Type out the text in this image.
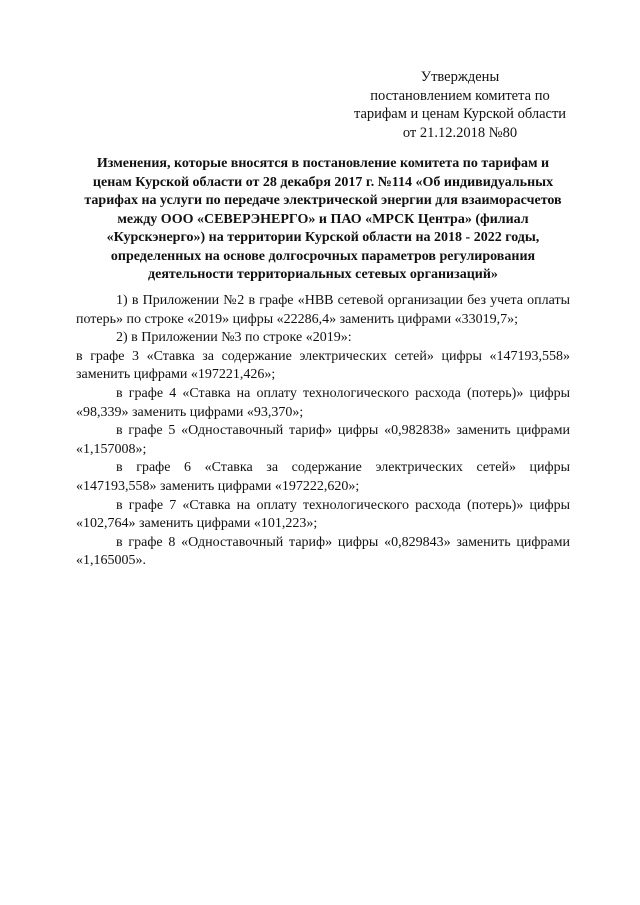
Утверждены
постановлением комитета по
тарифам и ценам Курской области
от 21.12.2018 №80
Изменения, которые вносятся в постановление комитета по тарифам и ценам Курской области от 28 декабря 2017 г. №114 «Об индивидуальных тарифах на услуги по передаче электрической энергии для взаиморасчетов между ООО «СЕВЕРЭНЕРГО» и ПАО «МРСК Центра» (филиал «Курскэнерго») на территории Курской области на 2018 - 2022 годы, определенных на основе долгосрочных параметров регулирования деятельности территориальных сетевых организаций»

1) в Приложении №2 в графе «НВВ сетевой организации без учета оплаты потерь» по строке «2019» цифры «22286,4» заменить цифрами «33019,7»;

2) в Приложении №3 по строке «2019»:

в графе 3 «Ставка за содержание электрических сетей» цифры «147193,558» заменить цифрами «197221,426»;

в графе 4 «Ставка на оплату технологического расхода (потерь)» цифры «98,339» заменить цифрами «93,370»;

в графе 5 «Одноставочный тариф» цифры «0,982838» заменить цифрами «1,157008»;

в графе 6 «Ставка за содержание электрических сетей» цифры «147193,558» заменить цифрами «197222,620»;

в графе 7 «Ставка на оплату технологического расхода (потерь)» цифры «102,764» заменить цифрами «101,223»;

в графе 8 «Одноставочный тариф» цифры «0,829843» заменить цифрами «1,165005».
